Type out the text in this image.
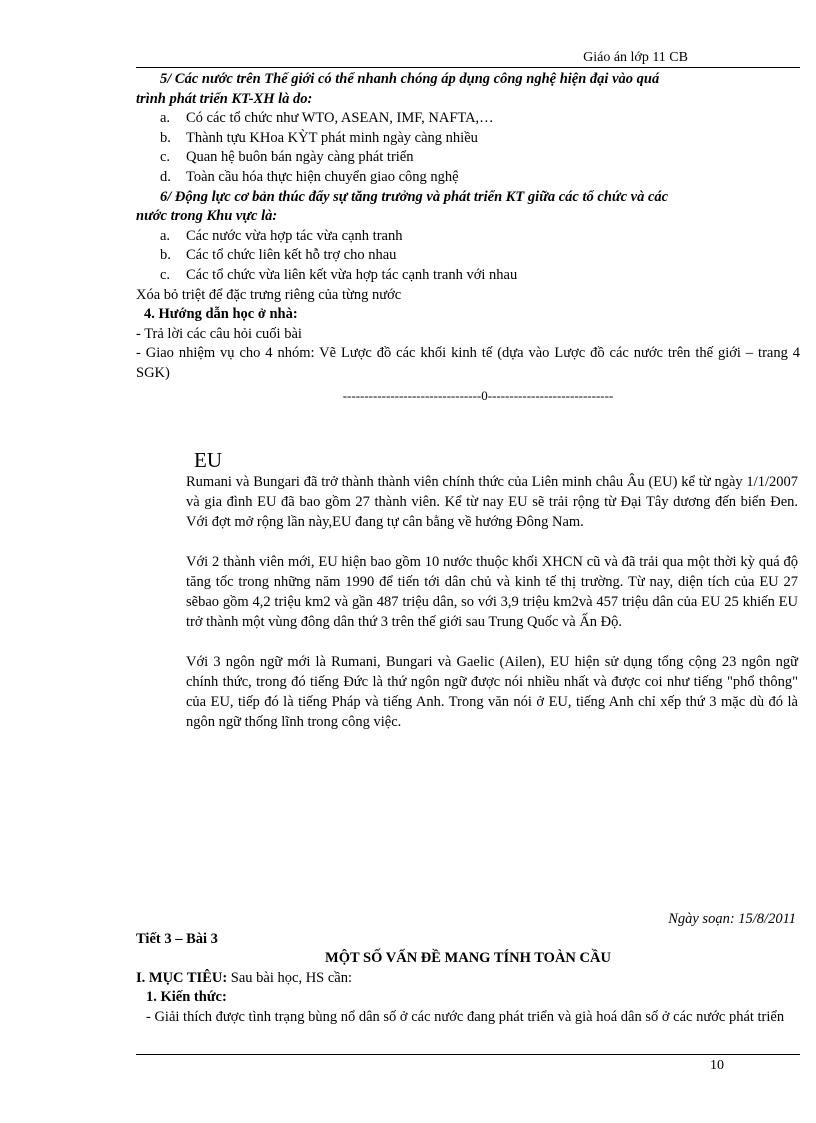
Giáo án lớp 11 CB
5/ Các nước trên Thế giới có thể nhanh chóng áp dụng công nghệ hiện đại vào quá
trình phát triển KT-XH là do:
a.	Có các tổ chức như WTO, ASEAN, IMF, NAFTA,…
b.	Thành tựu KHoa KỲT phát minh ngày càng nhiều
c.	Quan hệ buôn bán ngày càng phát triển
d.	Toàn cầu hóa thực hiện chuyển giao công nghệ
6/ Động lực cơ bản thúc đẩy sự tăng trưởng và phát triển KT giữa các tổ chức và các
nước trong Khu vực là:
a.	Các nước vừa hợp tác vừa cạnh tranh
b.	Các tổ chức liên kết hỗ trợ cho nhau
c.	Các tổ chức vừa liên kết vừa hợp tác cạnh tranh với nhau
Xóa bỏ triệt để đặc trưng riêng của từng nước
4. Hướng dẫn học ở nhà:
- Trả lời các câu hỏi cuối bài
- Giao nhiệm vụ cho 4 nhóm: Vẽ Lược đồ các khối kinh tế (dựa vào Lược đồ các nước trên thế giới – trang 4 SGK)
--------------------------------0-----------------------------
EU

Rumani và Bungari đã trở thành thành viên chính thức của Liên minh châu Âu (EU) kể từ ngày 1/1/2007 và gia đình EU đã bao gồm 27 thành viên. Kể từ nay EU sẽ trải rộng từ Đại Tây dương đến biển Đen. Với đợt mở rộng lần này,EU đang tự cân bằng về hướng Đông Nam.

Với 2 thành viên mới, EU hiện bao gồm 10 nước thuộc khối XHCN cũ và đã trải qua một thời kỳ quá độ tăng tốc trong những năm 1990 để tiến tới dân chủ và kinh tế thị trường. Từ nay, diện tích của EU 27 sẽbao gồm 4,2 triệu km2 và gần 487 triệu dân, so với 3,9 triệu km2và 457 triệu dân của EU 25 khiến EU trở thành một vùng đông dân thứ 3 trên thế giới sau Trung Quốc và Ấn Độ.

Với 3 ngôn ngữ mới là Rumani, Bungari và Gaelic (Ailen), EU hiện sử dụng tổng cộng 23 ngôn ngữ chính thức, trong đó tiếng Đức là thứ ngôn ngữ được nói nhiều nhất và được coi như tiếng "phổ thông" của EU, tiếp đó là tiếng Pháp và tiếng Anh. Trong văn nói ở EU, tiếng Anh chỉ xếp thứ 3 mặc dù đó là ngôn ngữ thống lĩnh trong công việc.

Ngày soạn: 15/8/2011
Tiết 3 – Bài 3
MỘT SỐ VẤN ĐỀ MANG TÍNH TOÀN CẦU
I. MỤC TIÊU: Sau bài học, HS cần:
1. Kiến thức:
- Giải thích được tình trạng bùng nổ dân số ở các nước đang phát triển và già hoá dân số ở các nước phát triển
10
